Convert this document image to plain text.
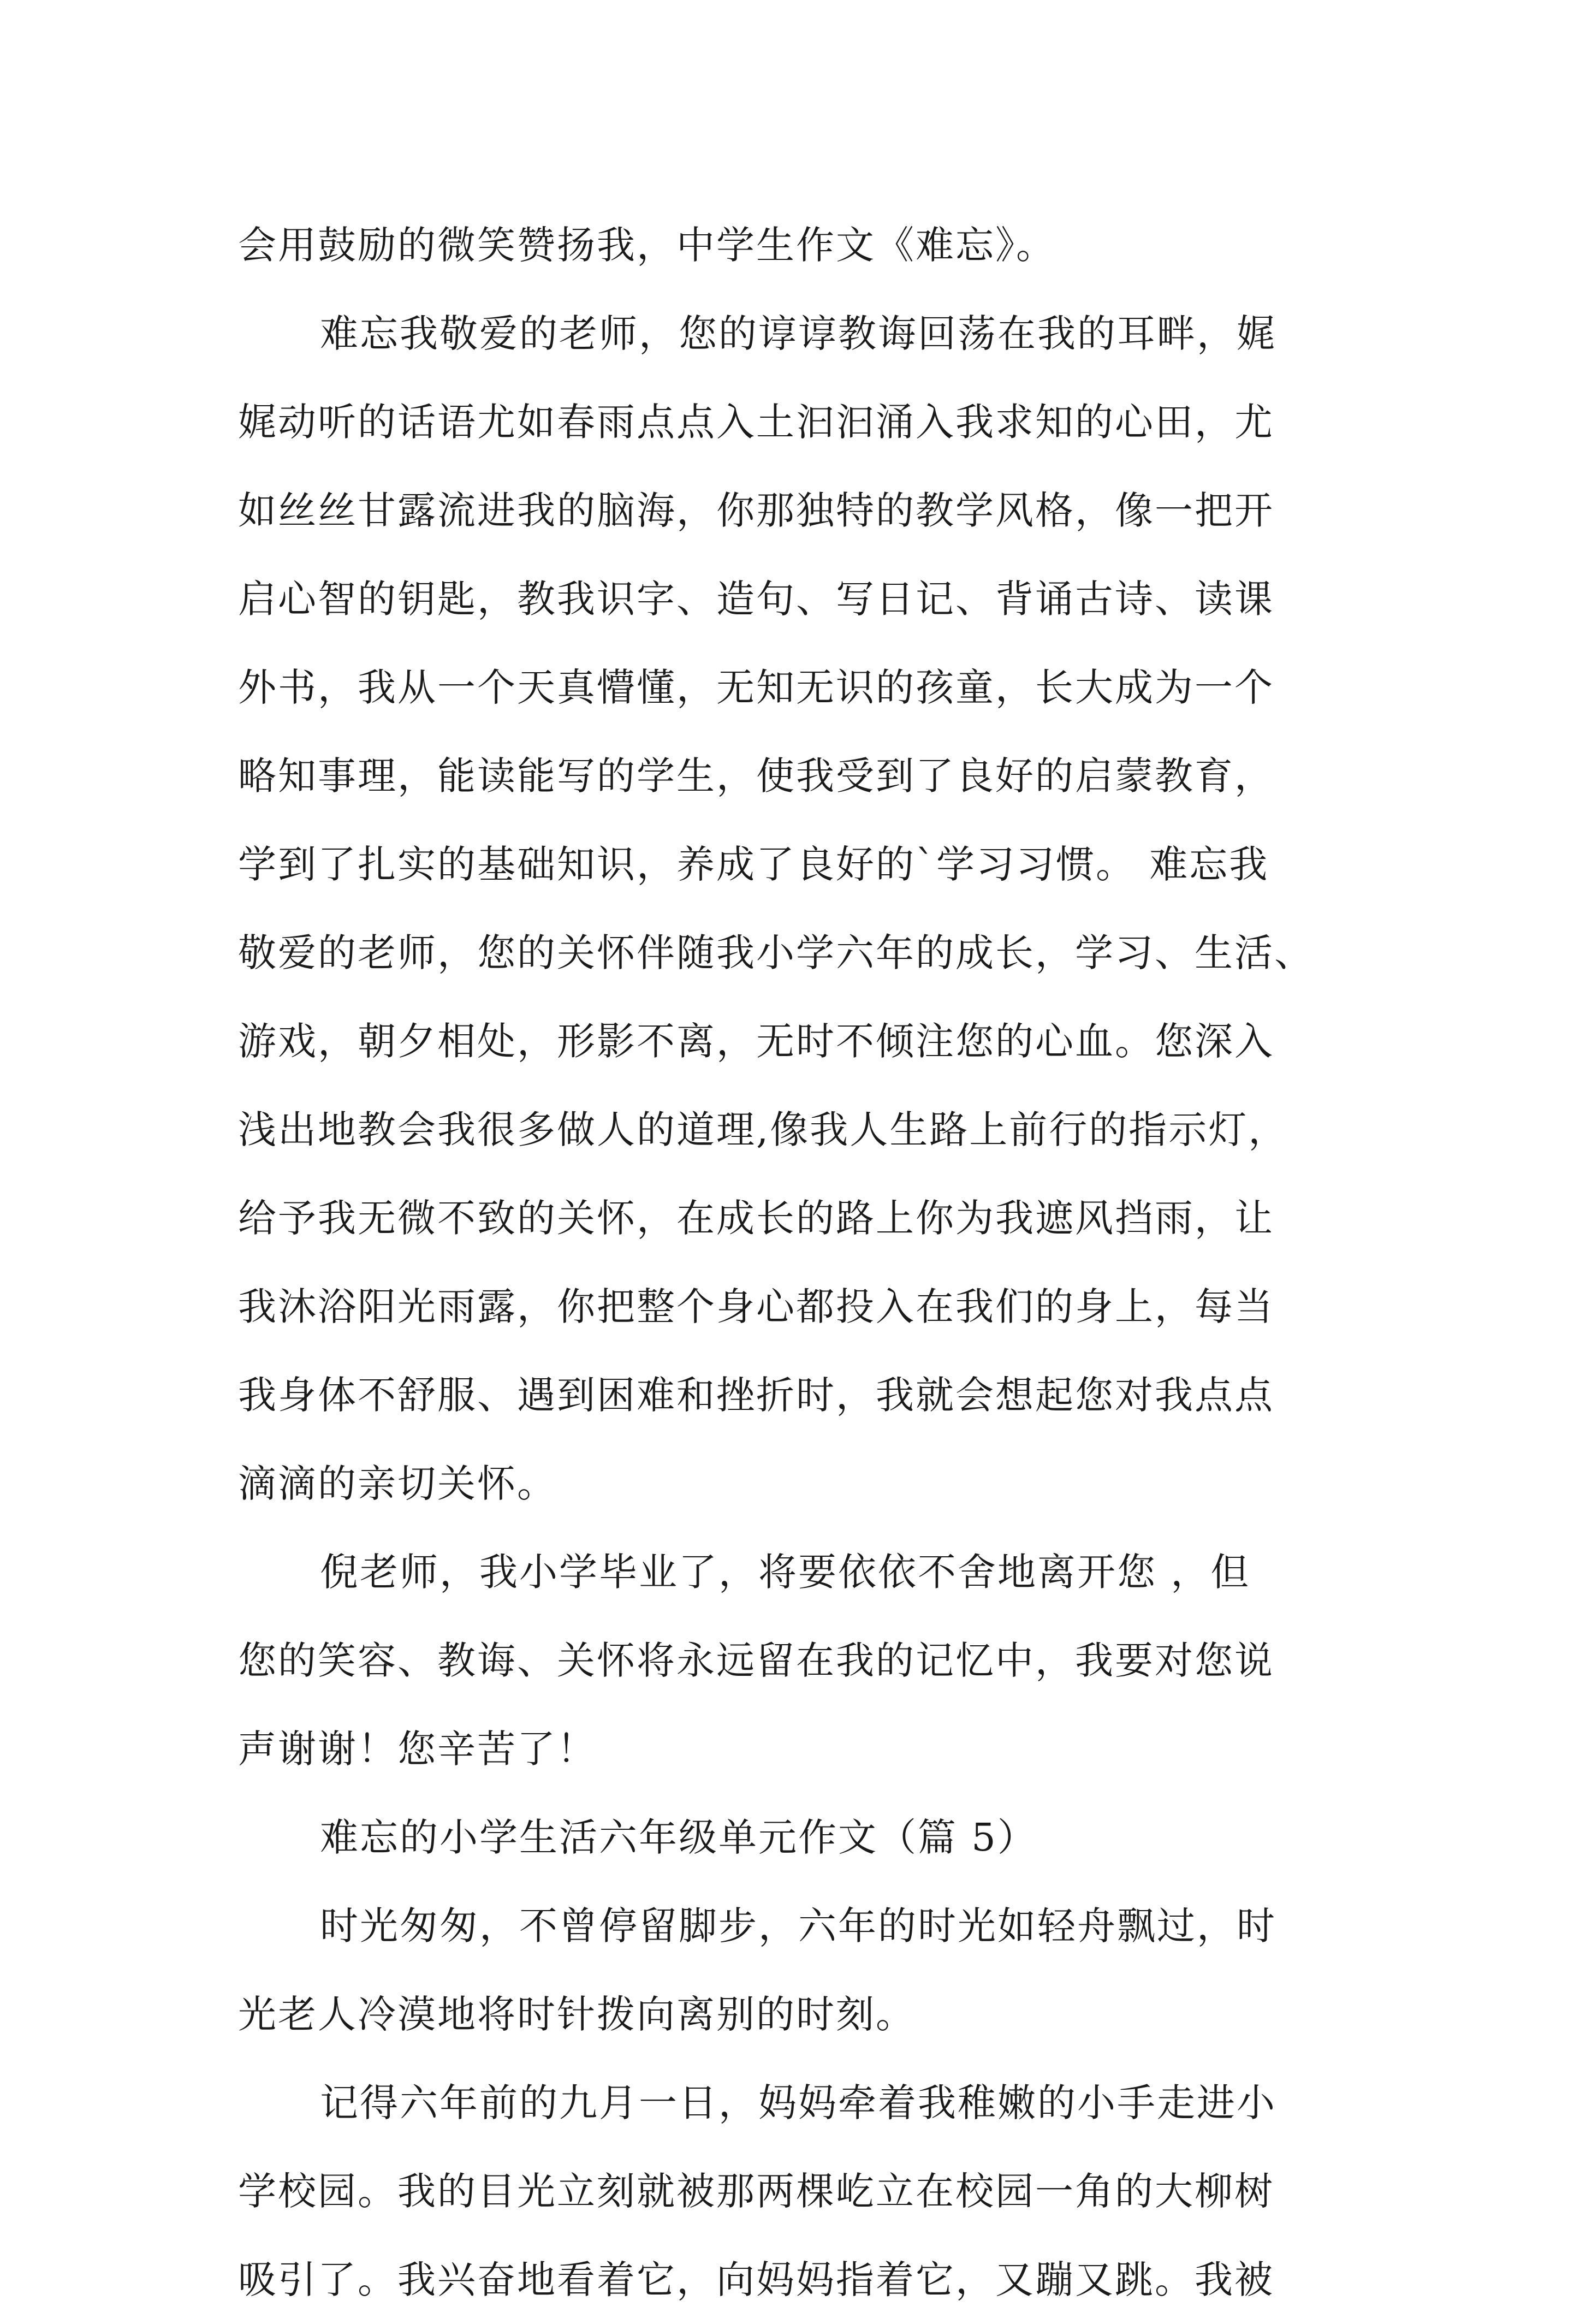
会用鼓励的微笑赞扬我，中学生作文《难忘》。
难忘我敬爱的老师，您的谆谆教诲回荡在我的耳畔，娓
娓动听的话语尤如春雨点点入土汩汩涌入我求知的心田，尤
如丝丝甘露流进我的脑海，你那独特的教学风格，像一把开
启心智的钥匙，教我识字、造句、写日记、背诵古诗、读课
外书，我从一个天真懵懂，无知无识的孩童，长大成为一个
略知事理，能读能写的学生，使我受到了良好的启蒙教育，
学到了扎实的基础知识，养成了良好的`学习习惯。 难忘我
敬爱的老师，您的关怀伴随我小学六年的成长，学习、生活、
游戏，朝夕相处，形影不离，无时不倾注您的心血。您深入
浅出地教会我很多做人的道理,像我人生路上前行的指示灯，
给予我无微不致的关怀，在成长的路上你为我遮风挡雨，让
我沐浴阳光雨露，你把整个身心都投入在我们的身上，每当
我身体不舒服、遇到困难和挫折时，我就会想起您对我点点
滴滴的亲切关怀。
倪老师，我小学毕业了，将要依依不舍地离开您 ，但
您的笑容、教诲、关怀将永远留在我的记忆中，我要对您说
声谢谢！您辛苦了！
难忘的小学生活六年级单元作文（篇 5）
时光匆匆，不曾停留脚步，六年的时光如轻舟飘过，时
光老人冷漠地将时针拨向离别的时刻。
记得六年前的九月一日，妈妈牵着我稚嫩的小手走进小
学校园。我的目光立刻就被那两棵屹立在校园一角的大柳树
吸引了。我兴奋地看着它，向妈妈指着它，又蹦又跳。我被
